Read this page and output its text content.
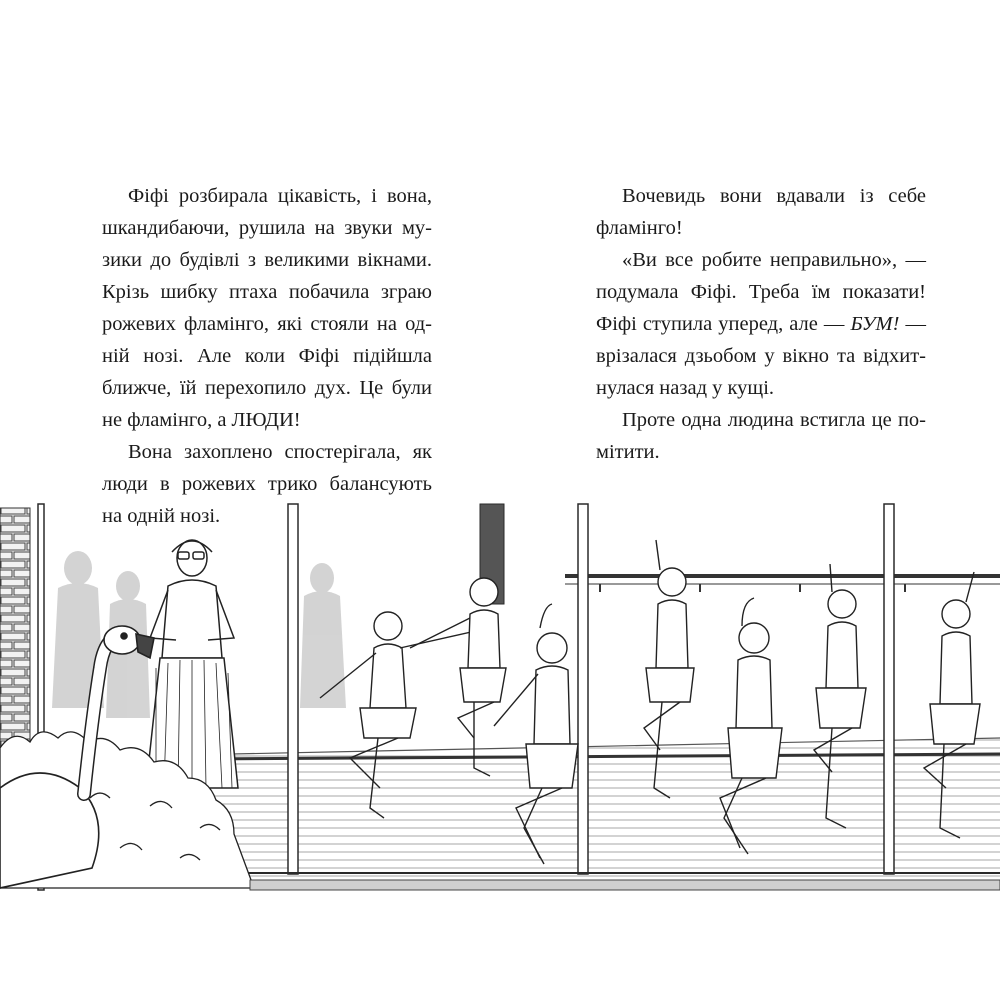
Фіфі розбирала цікавість, і вона,
шкандибаючи, рушила на звуки му-
зики до будівлі з великими вікнами.
Крізь шибку птаха побачила зграю
рожевих фламінго, які стояли на од-
ній нозі. Але коли Фіфі підійшла
ближче, їй перехопило дух. Це були
не фламінго, а ЛЮДИ!

Вона захоплено спостерігала, як
люди в рожевих трико балансують
на одній нозі.

Вочевидь вони вдавали із себе
фламінго!

«Ви все робите неправильно», —
подумала Фіфі. Треба їм показати!
Фіфі ступила уперед, але — БУМ! —
врізалася дзьобом у вікно та відхит-
нулася назад у кущі.

Проте одна людина встигла це по-
мітити.
